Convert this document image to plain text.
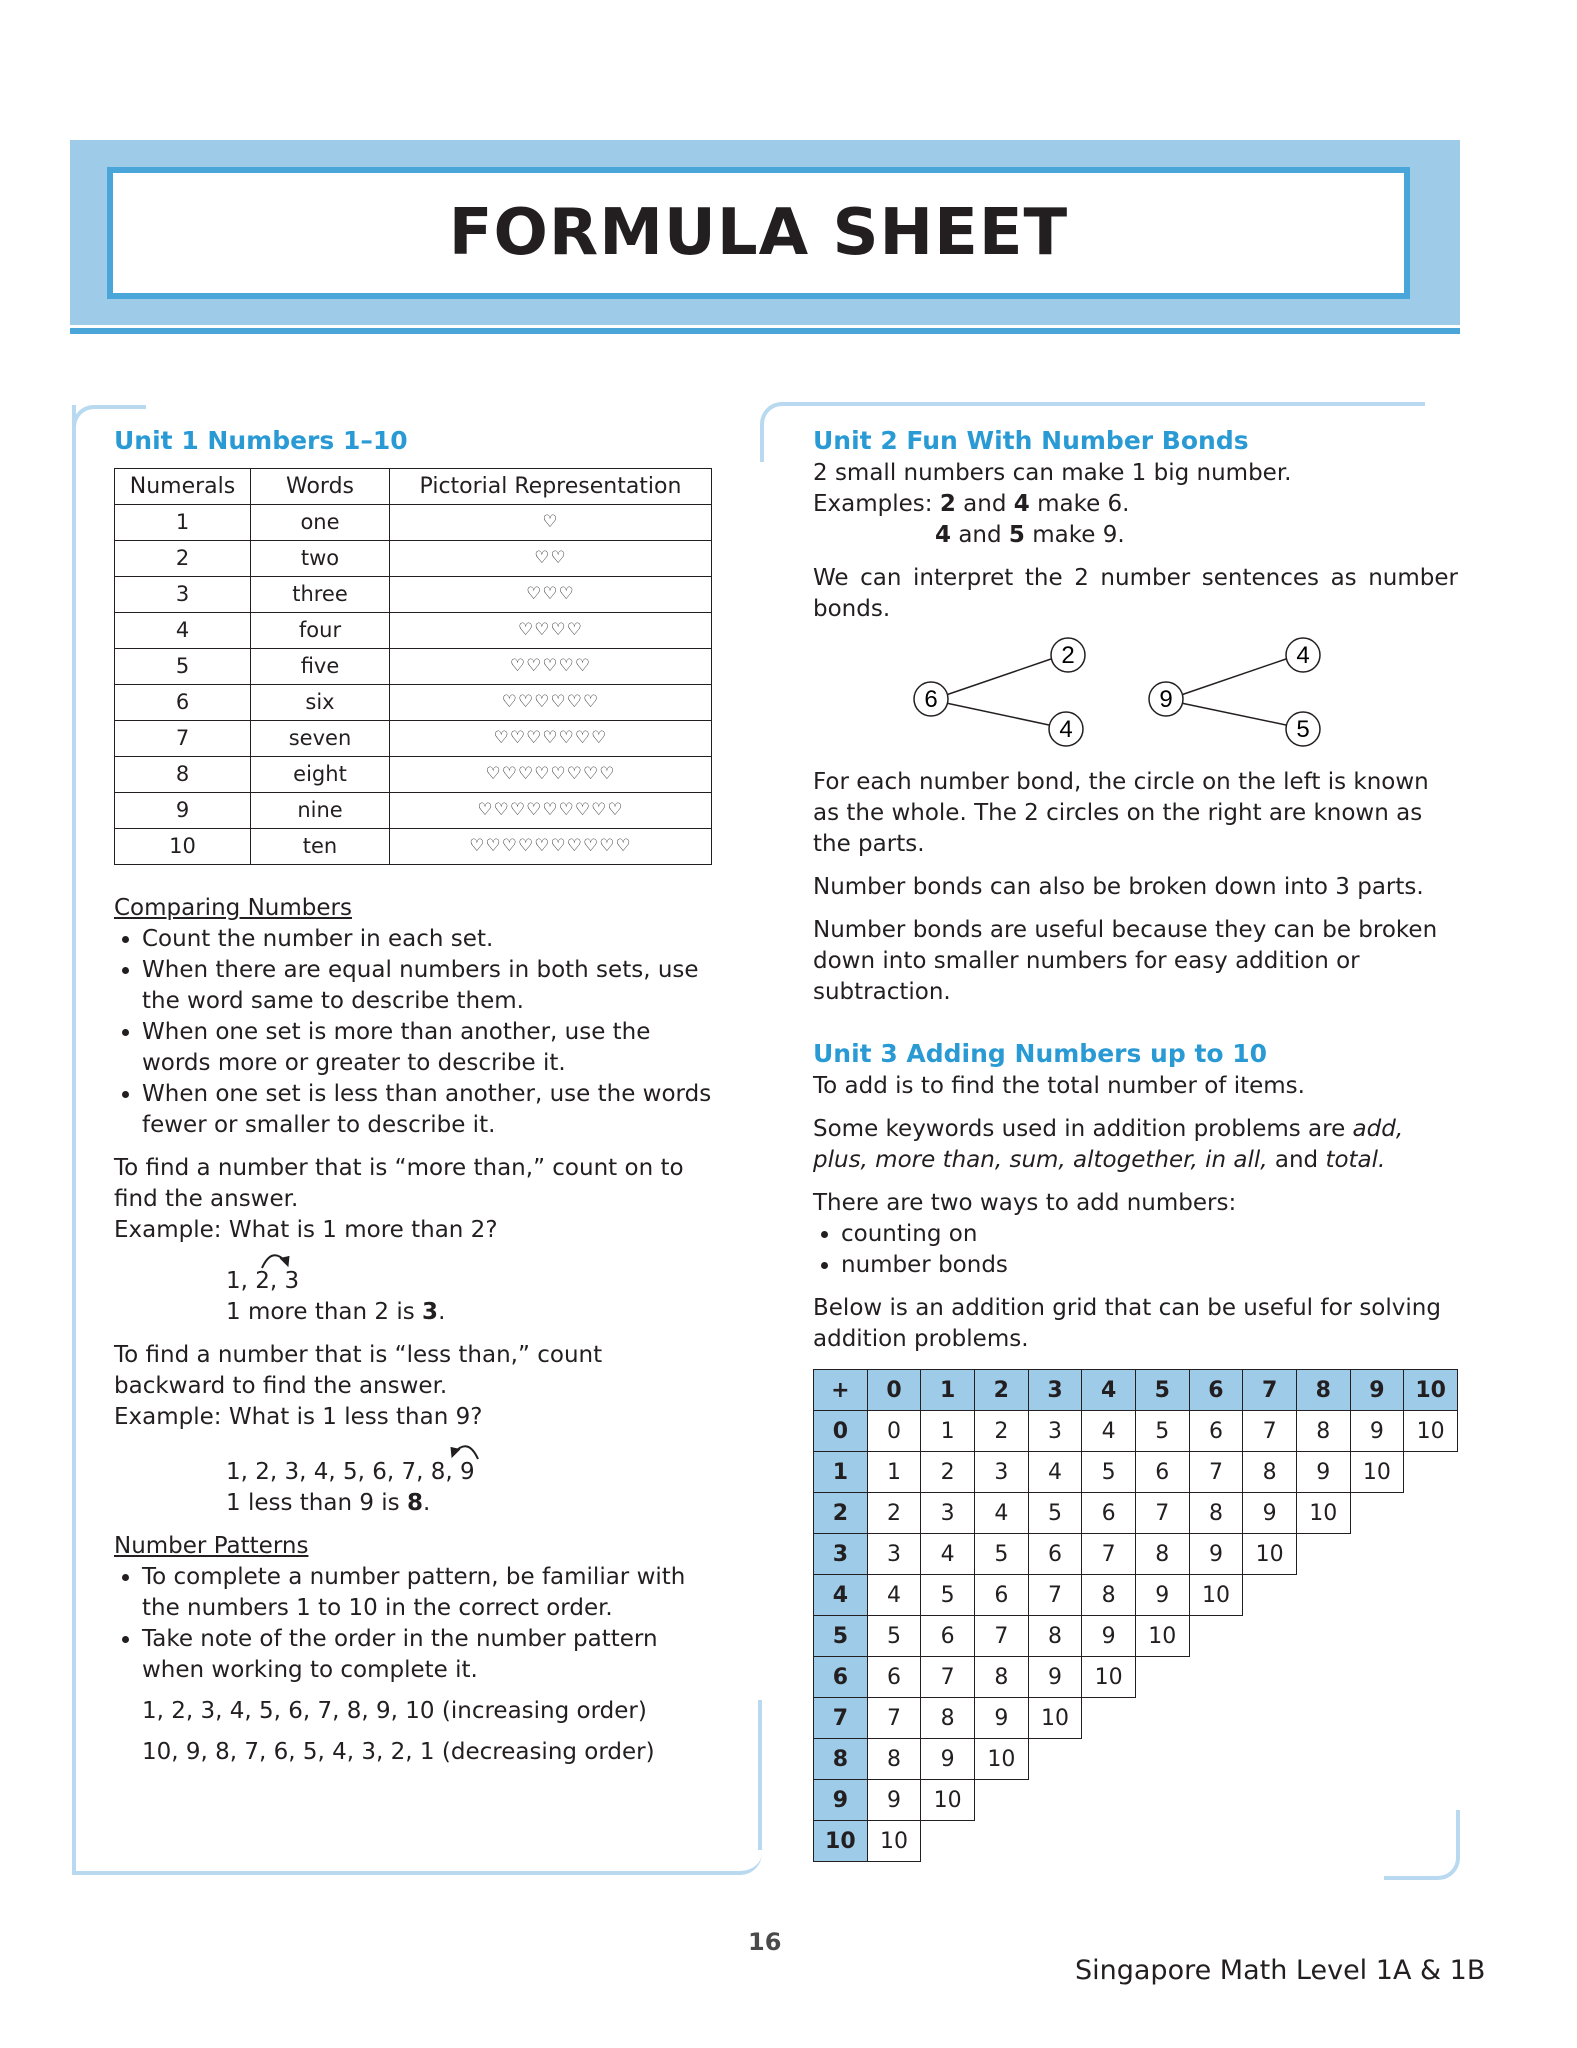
FORMULA SHEET
Unit 1 Numbers 1–10
Numerals	Words	Pictorial Representation
1	one	♡
2	two	♡♡
3	three	♡♡♡
4	four	♡♡♡♡
5	five	♡♡♡♡♡
6	six	♡♡♡♡♡♡
7	seven	♡♡♡♡♡♡♡
8	eight	♡♡♡♡♡♡♡♡
9	nine	♡♡♡♡♡♡♡♡♡
10	ten	♡♡♡♡♡♡♡♡♡♡

Comparing Numbers

• Count the number in each set.
• When there are equal numbers in both sets, use the word same to describe them.
• When one set is more than another, use the words more or greater to describe it.
• When one set is less than another, use the words fewer or smaller to describe it.

To find a number that is “more than,” count on to find the answer.

Example: What is 1 more than 2?

1, 2, 3
1 more than 2 is 3.

To find a number that is “less than,” count backward to find the answer.

Example: What is 1 less than 9?

1, 2, 3, 4, 5, 6, 7, 8, 9
1 less than 9 is 8.

Number Patterns

• To complete a number pattern, be familiar with the numbers 1 to 10 in the correct order.
• Take note of the order in the number pattern when working to complete it.

1, 2, 3, 4, 5, 6, 7, 8, 9, 10 (increasing order)

10, 9, 8, 7, 6, 5, 4, 3, 2, 1 (decreasing order)

Unit 2 Fun With Number Bonds

2 small numbers can make 1 big number.

Examples: 2 and 4 make 6.

4 and 5 make 9.

We can interpret the 2 number sentences as number bonds.

6
2
4
9
4
5

For each number bond, the circle on the left is known as the whole. The 2 circles on the right are known as the parts.

Number bonds can also be broken down into 3 parts.

Number bonds are useful because they can be broken down into smaller numbers for easy addition or subtraction.

Unit 3 Adding Numbers up to 10

To add is to find the total number of items.

Some keywords used in addition problems are add, plus, more than, sum, altogether, in all, and total.

There are two ways to add numbers:

• counting on
• number bonds

Below is an addition grid that can be useful for solving addition problems.

+	0	1	2	3	4	5	6	7	8	9	10
0	0	1	2	3	4	5	6	7	8	9	10
1	1	2	3	4	5	6	7	8	9	10	
2	2	3	4	5	6	7	8	9	10		
3	3	4	5	6	7	8	9	10			
4	4	5	6	7	8	9	10				
5	5	6	7	8	9	10					
6	6	7	8	9	10						
7	7	8	9	10							
8	8	9	10								
9	9	10									
10	10										
16
Singapore Math Level 1A & 1B
